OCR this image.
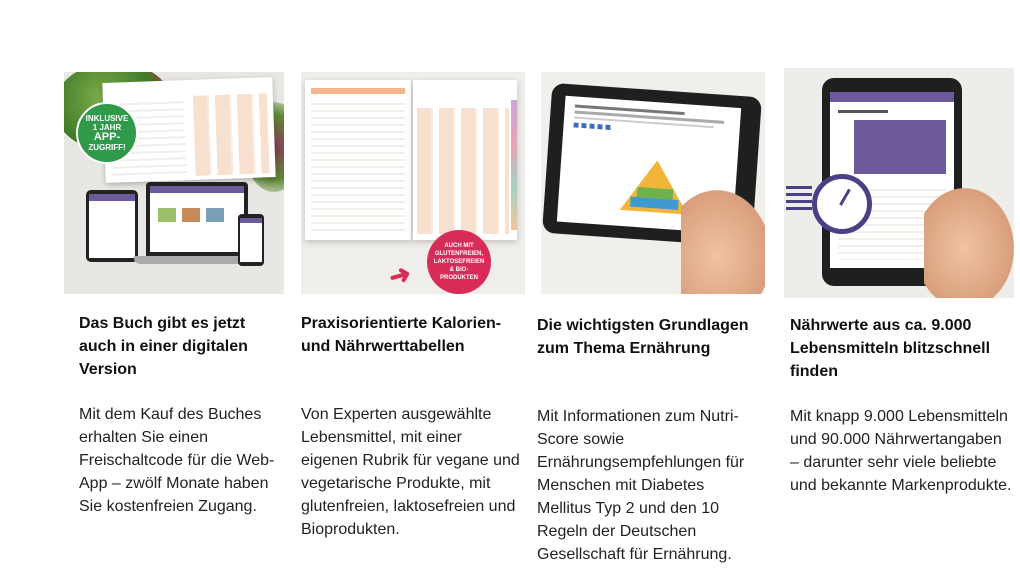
INKLUSIVE
1 JAHR
APP-
ZUGRIFF!
Das Buch gibt es jetzt auch in einer digitalen Version
Mit dem Kauf des Buches erhalten Sie einen Freischaltcode für die Web-App – zwölf Monate haben Sie kostenfreien Zugang.
➜
AUCH MIT
GLUTENFREIEN,
LAKTOSEFREIEN
& BIO-
PRODUKTEN
Praxisorientierte Kalorien- und Nährwerttabellen
Von Experten ausgewählte Lebensmittel, mit einer eigenen Rubrik für vegane und vegetarische Produkte, mit glutenfreien, laktosefreien und Bioprodukten.
Die wichtigsten Grundlagen zum Thema Ernährung
Mit Informationen zum Nutri-Score sowie Ernährungsempfehlungen für Menschen mit Diabetes Mellitus Typ 2 und den 10 Regeln der Deutschen Gesellschaft für Ernährung.
Nährwerte aus ca. 9.000 Lebensmitteln blitzschnell finden
Mit knapp 9.000 Lebensmitteln und 90.000 Nährwertangaben – darunter sehr viele beliebte und bekannte Markenprodukte.
